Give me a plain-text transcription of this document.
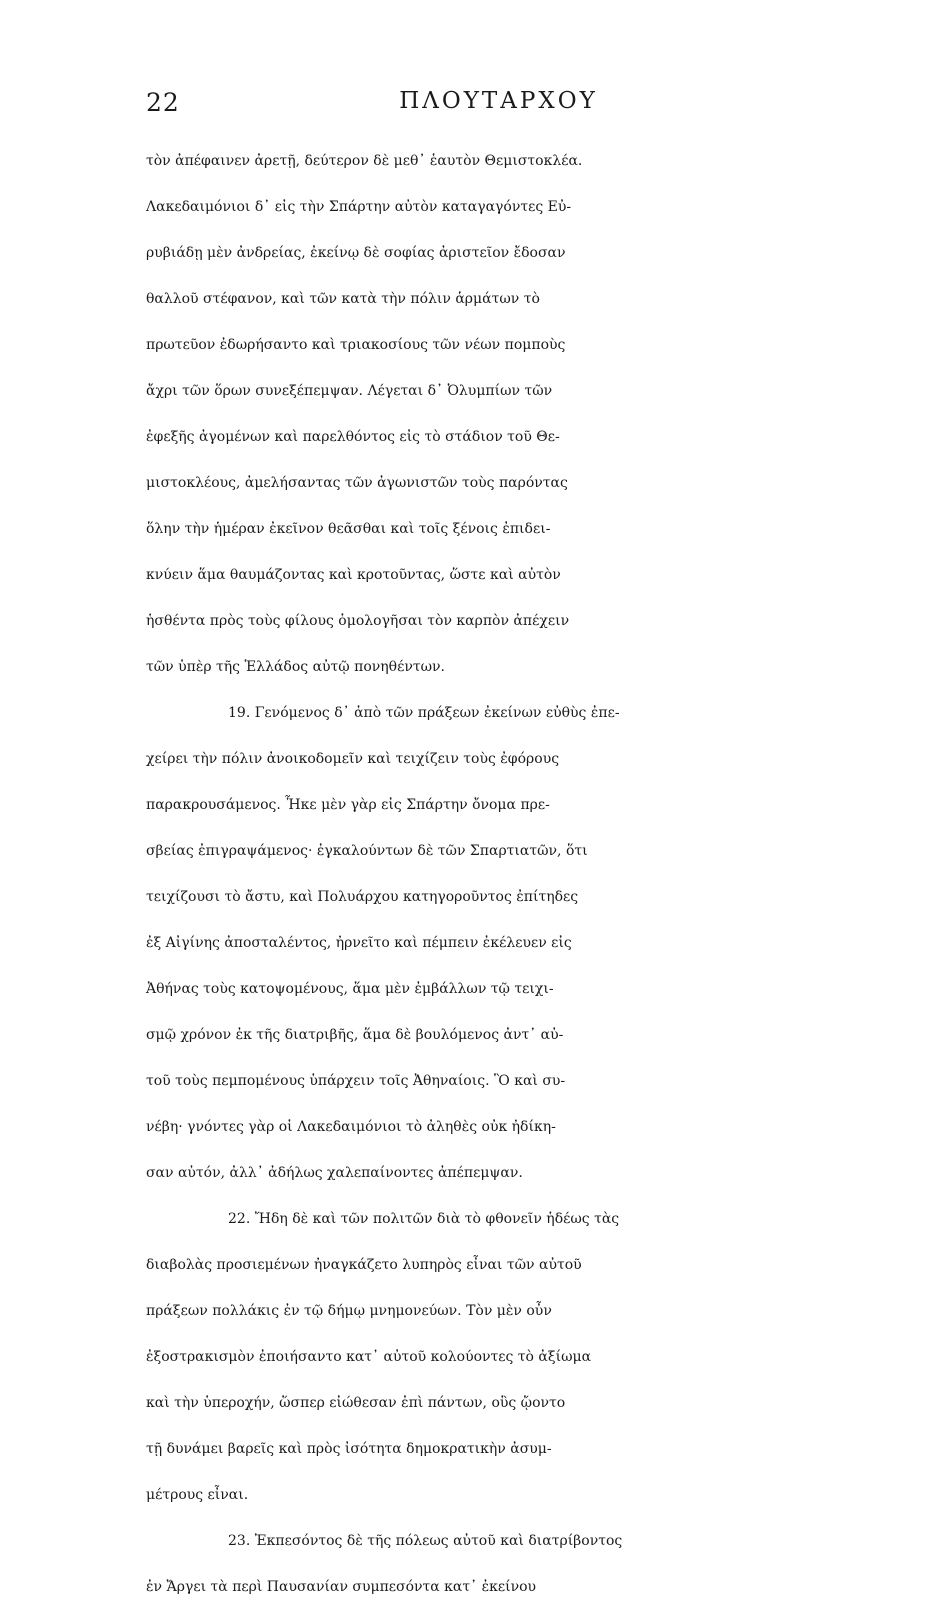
22	ΠΛΟΥΤΑΡΧΟΥ
τὸν ἀπέφαινεν ἀρετῇ, δεύτερον δὲ μεθ᾽ ἑαυτὸν Θεμιστοκλέα.
Λακεδαιμόνιοι δ᾽ εἰς τὴν Σπάρτην αὐτὸν καταγαγόντες Εὐ-
ρυβιάδῃ μὲν ἀνδρείας, ἐκείνῳ δὲ σοφίας ἀριστεῖον ἔδοσαν
θαλλοῦ στέφανον, καὶ τῶν κατὰ τὴν πόλιν ἁρμάτων τὸ
πρωτεῦον ἐδωρήσαντο καὶ τριακοσίους τῶν νέων πομποὺς
ἄχρι τῶν ὅρων συνεξέπεμψαν. Λέγεται δ᾽ Ὀλυμπίων τῶν
ἐφεξῆς ἀγομένων καὶ παρελθόντος εἰς τὸ στάδιον τοῦ Θε-
μιστοκλέους, ἀμελήσαντας τῶν ἀγωνιστῶν τοὺς παρόντας
ὅλην τὴν ἡμέραν ἐκεῖνον θεᾶσθαι καὶ τοῖς ξένοις ἐπιδει-
κνύειν ἅμα θαυμάζοντας καὶ κροτοῦντας, ὥστε καὶ αὐτὸν
ἡσθέντα πρὸς τοὺς φίλους ὁμολογῆσαι τὸν καρπὸν ἀπέχειν
τῶν ὑπὲρ τῆς Ἑλλάδος αὐτῷ πονηθέντων.
19. Γενόμενος δ᾽ ἀπὸ τῶν πράξεων ἐκείνων εὐθὺς ἐπε-
χείρει τὴν πόλιν ἀνοικοδομεῖν καὶ τειχίζειν τοὺς ἐφόρους
παρακρουσάμενος. Ἧκε μὲν γὰρ εἰς Σπάρτην ὄνομα πρε-
σβείας ἐπιγραψάμενος· ἐγκαλούντων δὲ τῶν Σπαρτιατῶν, ὅτι
τειχίζουσι τὸ ἄστυ, καὶ Πολυάρχου κατηγοροῦντος ἐπίτηδες
ἐξ Αἰγίνης ἀποσταλέντος, ἠρνεῖτο καὶ πέμπειν ἐκέλευεν εἰς
Ἀθήνας τοὺς κατοψομένους, ἅμα μὲν ἐμβάλλων τῷ τειχι-
σμῷ χρόνον ἐκ τῆς διατριβῆς, ἅμα δὲ βουλόμενος ἀντ᾽ αὐ-
τοῦ τοὺς πεμπομένους ὑπάρχειν τοῖς Ἀθηναίοις. Ὃ καὶ συ-
νέβη· γνόντες γὰρ οἱ Λακεδαιμόνιοι τὸ ἀληθὲς οὐκ ἠδίκη-
σαν αὐτόν, ἀλλ᾽ ἀδήλως χαλεπαίνοντες ἀπέπεμψαν.
22. Ἤδη δὲ καὶ τῶν πολιτῶν διὰ τὸ φθονεῖν ἡδέως τὰς
διαβολὰς προσιεμένων ἠναγκάζετο λυπηρὸς εἶναι τῶν αὐτοῦ
πράξεων πολλάκις ἐν τῷ δήμῳ μνημονεύων. Τὸν μὲν οὖν
ἐξοστρακισμὸν ἐποιήσαντο κατ᾽ αὐτοῦ κολούοντες τὸ ἀξίωμα
καὶ τὴν ὑπεροχήν, ὥσπερ εἰώθεσαν ἐπὶ πάντων, οὓς ᾤοντο
τῇ δυνάμει βαρεῖς καὶ πρὸς ἰσότητα δημοκρατικὴν ἀσυμ-
μέτρους εἶναι.
23. Ἐκπεσόντος δὲ τῆς πόλεως αὐτοῦ καὶ διατρίβοντος
ἐν Ἄργει τὰ περὶ Παυσανίαν συμπεσόντα κατ᾽ ἐκείνου
